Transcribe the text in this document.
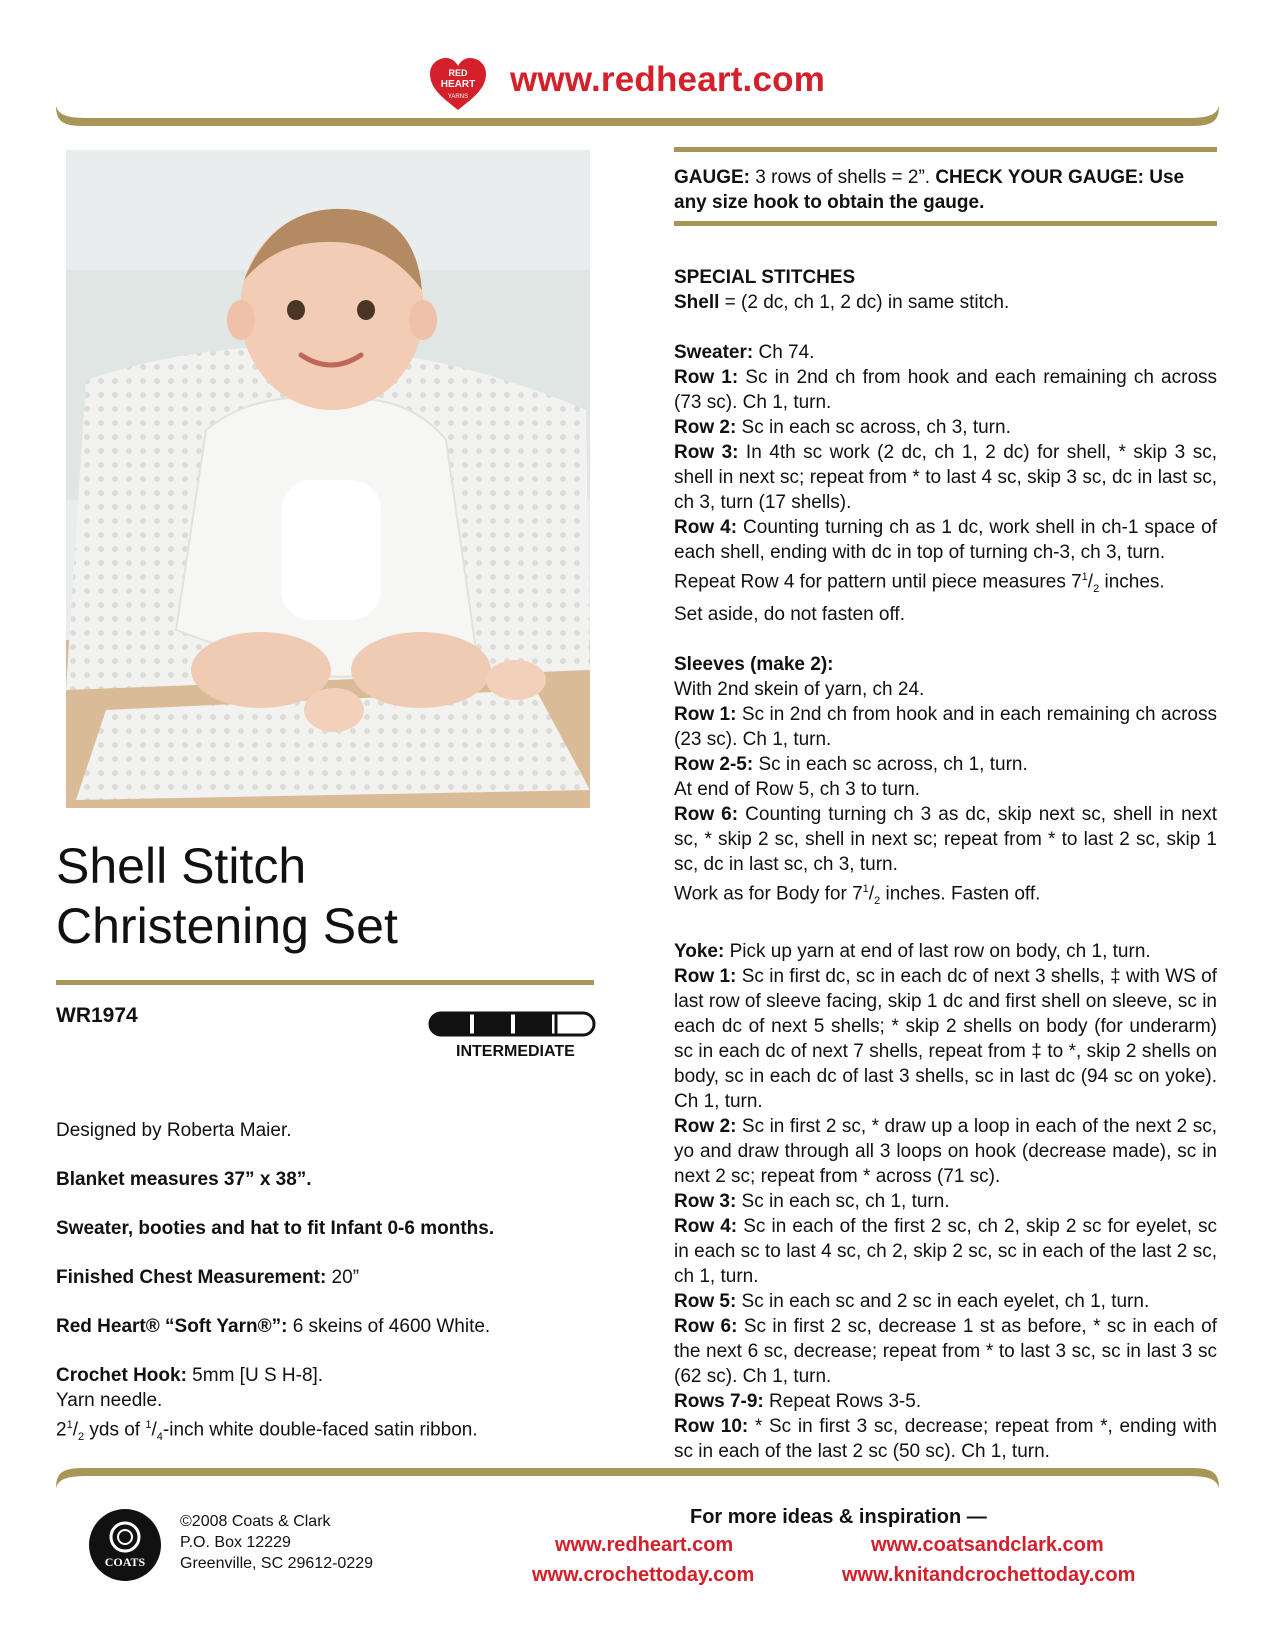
RED
HEART
YARNS www.redheart.com
Shell Stitch
Christening Set
WR1974
INTERMEDIATE

Designed by Roberta Maier.

Blanket measures 37” x 38”.

Sweater, booties and hat to fit Infant 0-6 months.

Finished Chest Measurement: 20”

Red Heart® “Soft Yarn®”: 6 skeins of 4600 White.

Crochet Hook: 5mm [U S H-8].

Yarn needle.

$2^1/_2$ yds of $^1/_4$-inch white double-faced satin ribbon.

GAUGE: 3 rows of shells = 2”. CHECK YOUR GAUGE: Use any size hook to obtain the gauge.

SPECIAL STITCHES

Shell = (2 dc, ch 1, 2 dc) in same stitch.

Sweater: Ch 74.

Row 1: Sc in 2nd ch from hook and each remaining ch across (73 sc). Ch 1, turn.

Row 2: Sc in each sc across, ch 3, turn.

Row 3: In 4th sc work (2 dc, ch 1, 2 dc) for shell, * skip 3 sc, shell in next sc; repeat from * to last 4 sc, skip 3 sc, dc in last sc, ch 3, turn (17 shells).

Row 4: Counting turning ch as 1 dc, work shell in ch-1 space of each shell, ending with dc in top of turning ch-3, ch 3, turn.

Repeat Row 4 for pattern until piece measures $7^1/_2$ inches.

Set aside, do not fasten off.

Sleeves (make 2):

With 2nd skein of yarn, ch 24.

Row 1: Sc in 2nd ch from hook and in each remaining ch across (23 sc). Ch 1, turn.

Row 2-5: Sc in each sc across, ch 1, turn.

At end of Row 5, ch 3 to turn.

Row 6: Counting turning ch 3 as dc, skip next sc, shell in next sc, * skip 2 sc, shell in next sc; repeat from * to last 2 sc, skip 1 sc, dc in last sc, ch 3, turn.

Work as for Body for $7^1/_2$ inches. Fasten off.

Yoke: Pick up yarn at end of last row on body, ch 1, turn.

Row 1: Sc in first dc, sc in each dc of next 3 shells, ‡ with WS of last row of sleeve facing, skip 1 dc and first shell on sleeve, sc in each dc of next 5 shells; * skip 2 shells on body (for underarm) sc in each dc of next 7 shells, repeat from ‡ to *, skip 2 shells on body, sc in each dc of last 3 shells, sc in last dc (94 sc on yoke). Ch 1, turn.

Row 2: Sc in first 2 sc, * draw up a loop in each of the next 2 sc, yo and draw through all 3 loops on hook (decrease made), sc in next 2 sc; repeat from * across (71 sc).

Row 3: Sc in each sc, ch 1, turn.

Row 4: Sc in each of the first 2 sc, ch 2, skip 2 sc for eyelet, sc in each sc to last 4 sc, ch 2, skip 2 sc, sc in each of the last 2 sc, ch 1, turn.

Row 5: Sc in each sc and 2 sc in each eyelet, ch 1, turn.

Row 6: Sc in first 2 sc, decrease 1 st as before, * sc in each of the next 6 sc, decrease; repeat from * to last 3 sc, sc in last 3 sc (62 sc). Ch 1, turn.

Rows 7-9: Repeat Rows 3-5.

Row 10: * Sc in first 3 sc, decrease; repeat from *, ending with sc in each of the last 2 sc (50 sc). Ch 1, turn.

COATS
©2008 Coats & Clark
P.O. Box 12229
Greenville, SC 29612-0229
For more ideas & inspiration —
www.redheart.com	www.coatsandclark.com
www.crochettoday.com	www.knitandcrochettoday.com
